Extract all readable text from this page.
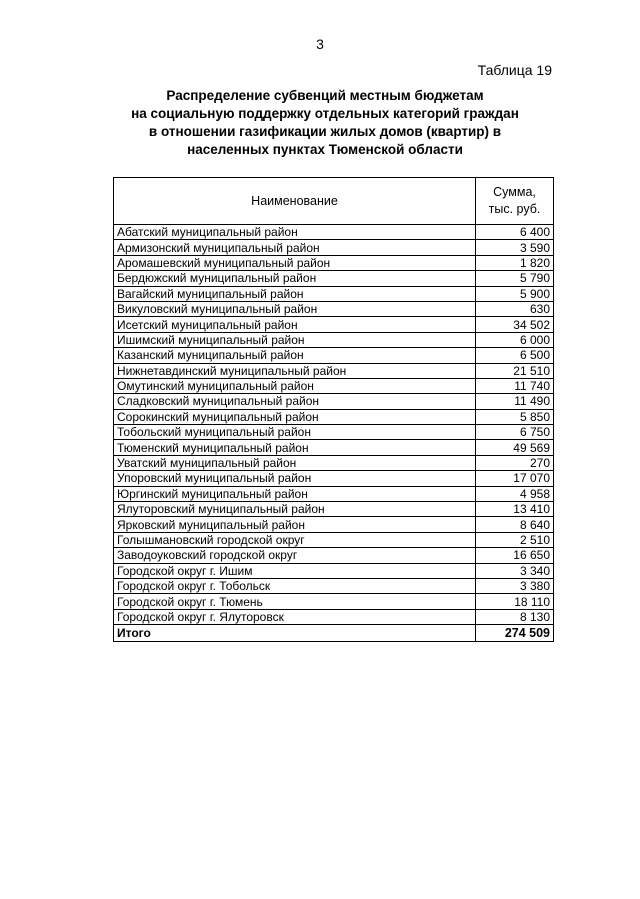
3
Таблица 19
Распределение субвенций местным бюджетам
на социальную поддержку отдельных категорий граждан
в отношении газификации жилых домов (квартир) в
населенных пунктах Тюменской области
Наименование	Сумма,
тыс. руб.
Абатский муниципальный район	6 400
Армизонский муниципальный район	3 590
Аромашевский муниципальный район	1 820
Бердюжский муниципальный район	5 790
Вагайский муниципальный район	5 900
Викуловский муниципальный район	630
Исетский муниципальный район	34 502
Ишимский муниципальный район	6 000
Казанский муниципальный район	6 500
Нижнетавдинский муниципальный район	21 510
Омутинский муниципальный район	11 740
Сладковский муниципальный район	11 490
Сорокинский муниципальный район	5 850
Тобольский муниципальный район	6 750
Тюменский муниципальный район	49 569
Уватский муниципальный район	270
Упоровский муниципальный район	17 070
Юргинский муниципальный район	4 958
Ялуторовский муниципальный район	13 410
Ярковский муниципальный район	8 640
Голышмановский городской округ	2 510
Заводоуковский городской округ	16 650
Городской округ г. Ишим	3 340
Городской округ г. Тобольск	3 380
Городской округ г. Тюмень	18 110
Городской округ г. Ялуторовск	8 130
Итого	274 509
